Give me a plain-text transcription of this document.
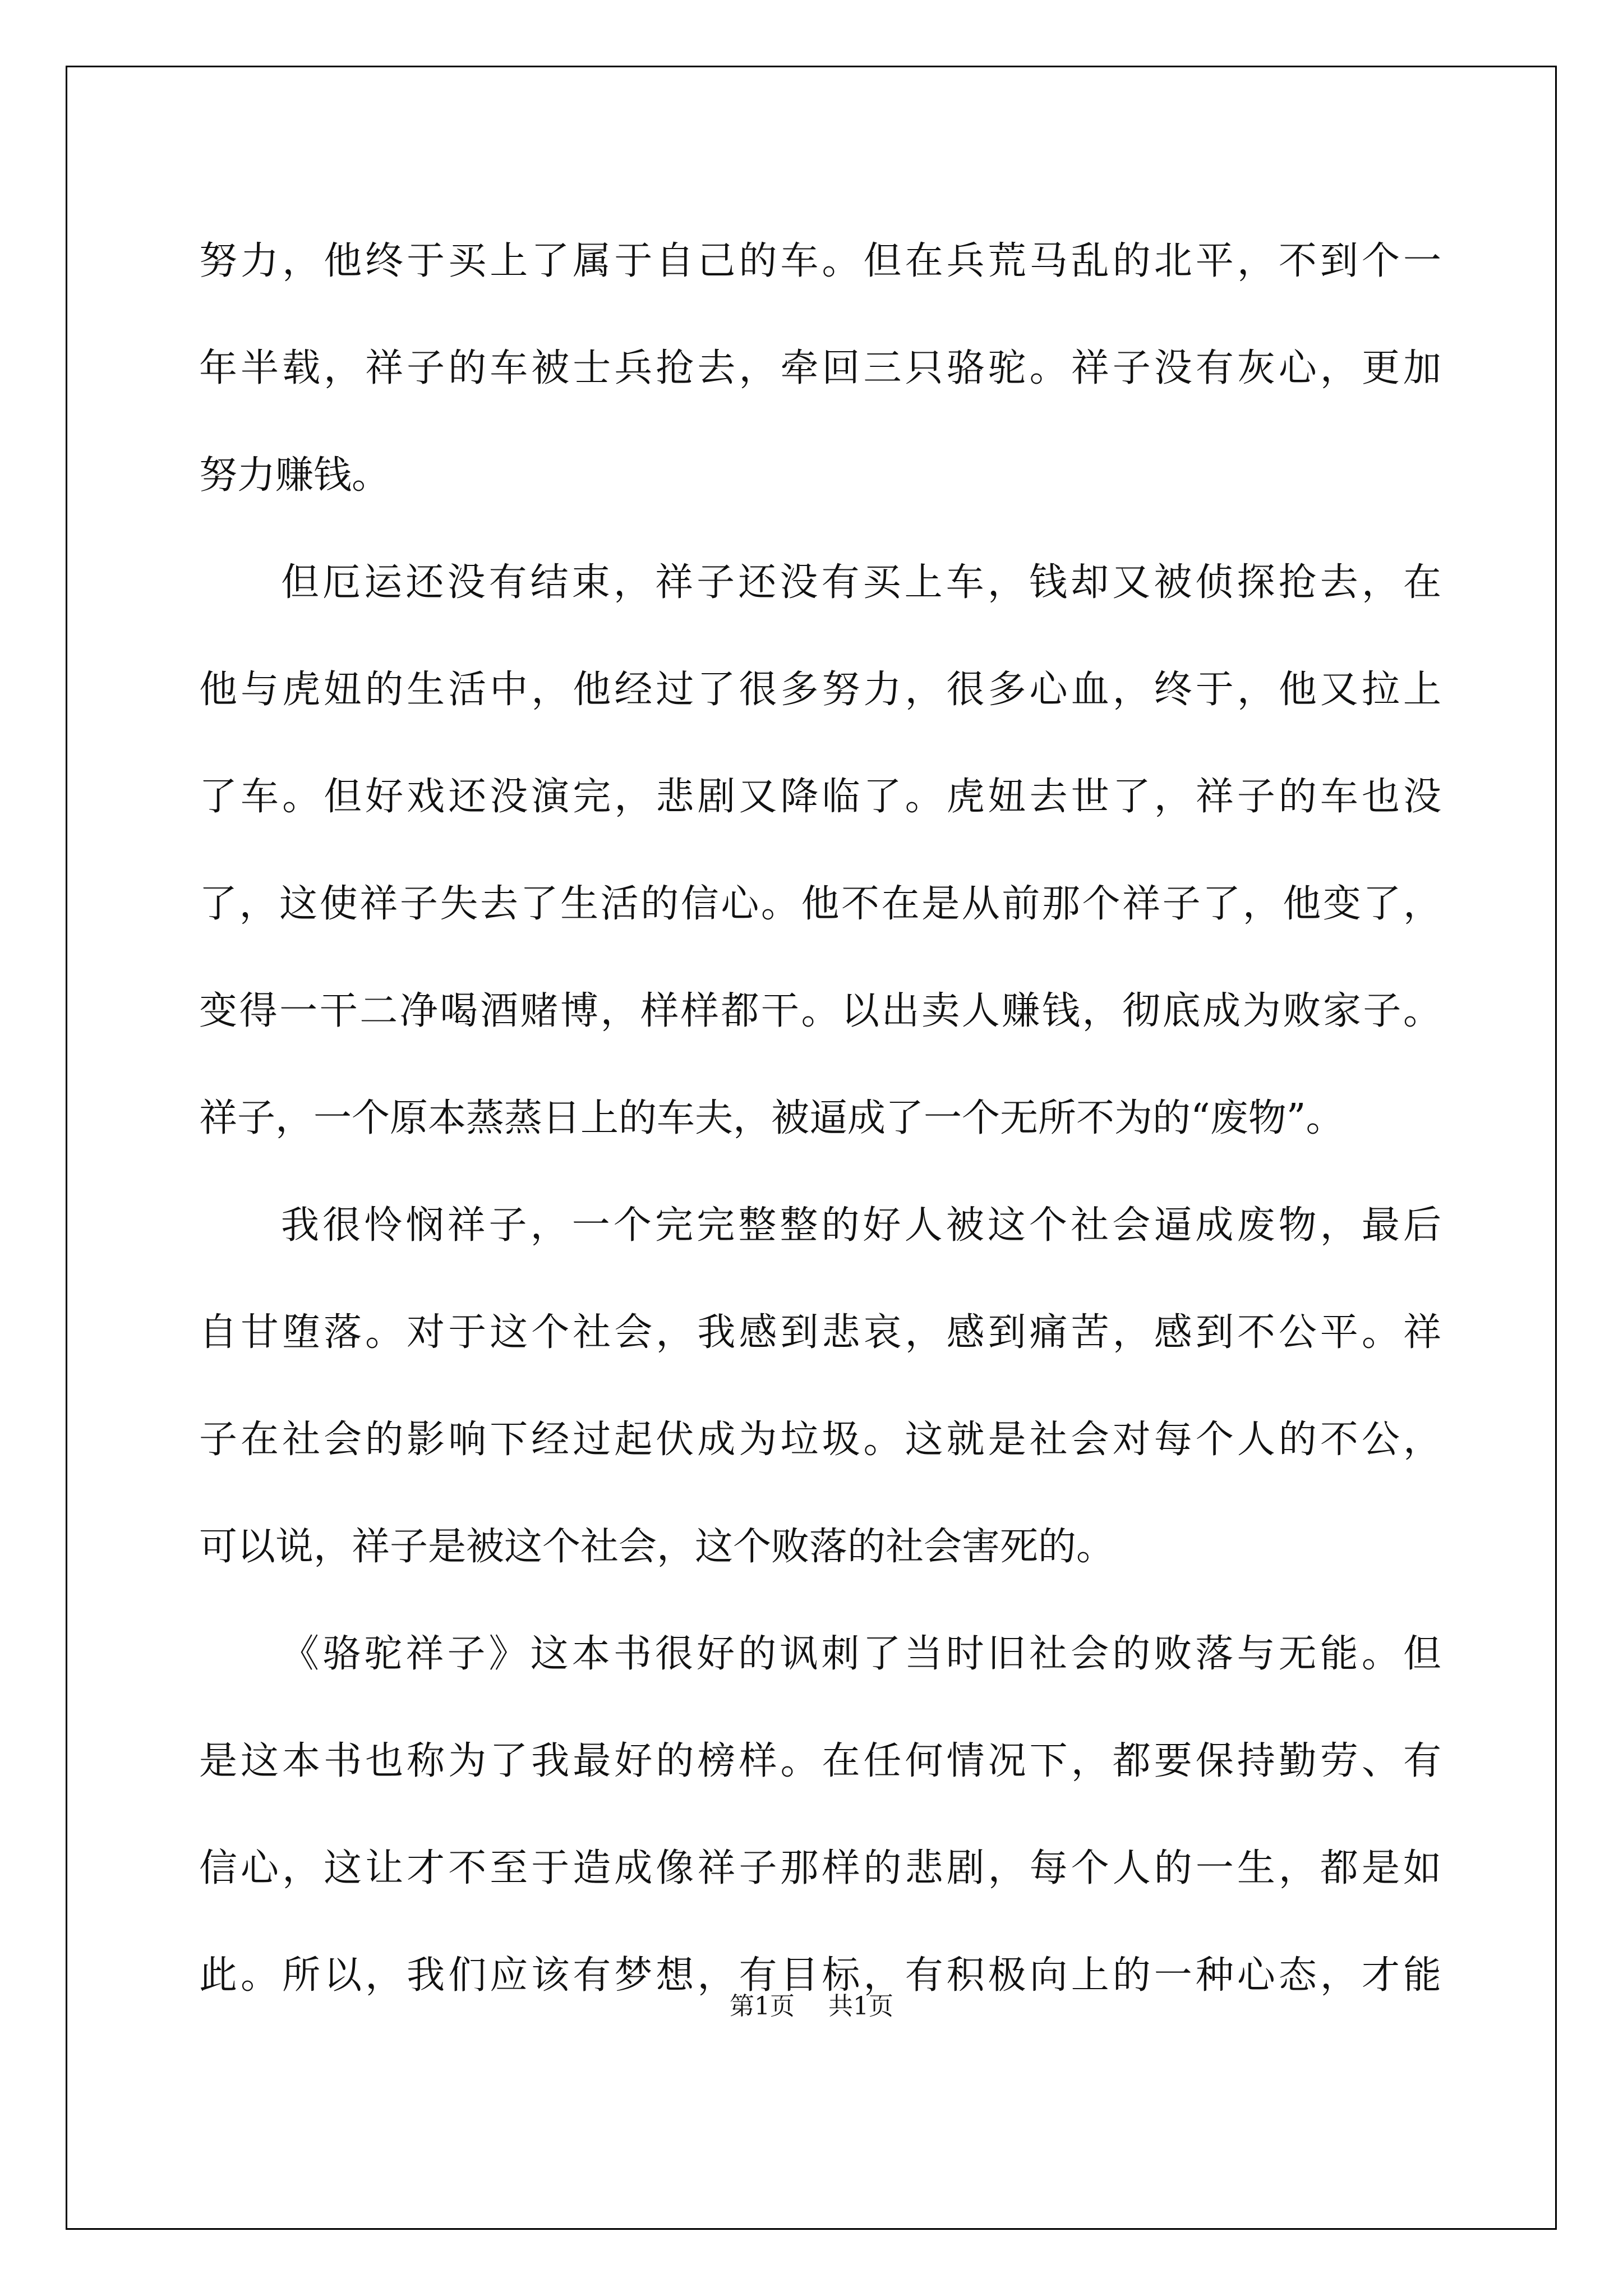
努力，他终于买上了属于自己的车。但在兵荒马乱的北平，不到个一
年半载，祥子的车被士兵抢去，牵回三只骆驼。祥子没有灰心，更加
努力赚钱。
但厄运还没有结束，祥子还没有买上车，钱却又被侦探抢去，在
他与虎妞的生活中，他经过了很多努力，很多心血，终于，他又拉上
了车。但好戏还没演完，悲剧又降临了。虎妞去世了，祥子的车也没
了，这使祥子失去了生活的信心。他不在是从前那个祥子了，他变了，
变得一干二净喝酒赌博，样样都干。以出卖人赚钱，彻底成为败家子。
祥子，一个原本蒸蒸日上的车夫，被逼成了一个无所不为的“废物”。
我很怜悯祥子，一个完完整整的好人被这个社会逼成废物，最后
自甘堕落。对于这个社会，我感到悲哀，感到痛苦，感到不公平。祥
子在社会的影响下经过起伏成为垃圾。这就是社会对每个人的不公，
可以说，祥子是被这个社会，这个败落的社会害死的。
《骆驼祥子》这本书很好的讽刺了当时旧社会的败落与无能。但
是这本书也称为了我最好的榜样。在任何情况下，都要保持勤劳、有
信心，这让才不至于造成像祥子那样的悲剧，每个人的一生，都是如
此。所以，我们应该有梦想，有目标，有积极向上的一种心态，才能
第1页 共1页
